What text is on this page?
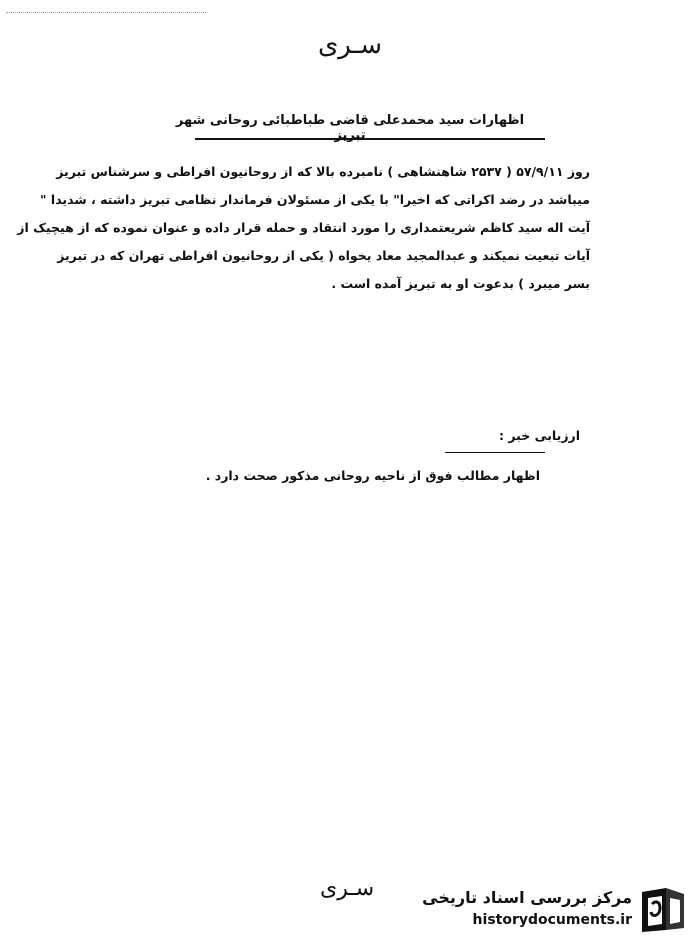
سـری
اظهارات سید محمدعلی قاضی طباطبائی روحانی شهر تبریز
روز ۵۷/۹/۱۱ ( ۲۵۳۷ شاهنشاهی ) نامبرده بالا که از روحانیون افراطی و سرشناس تبریز
میباشد در رضد اکراتی که اخیرا" با یکی از مسئولان فرماندار نظامی تبریز داشته ، شدیدا "
آیت اله سید کاظم شریعتمداری را مورد انتقاد و حمله قرار داده و عنوان نموده که از هیچیک از
آیات تبعیت نمیکند و عبدالمجید معاد یخواه ( یکی از روحانیون افراطی تهران که در تبریز
بسر میبرد ) بدعوت او به تبریز آمده است .
ارزیابی خبر :
اظهار مطالب فوق از ناحیه روحانی مذکور صحت دارد .
سـری	مرکز بررسی اسناد تاریخی
historydocuments.ir
